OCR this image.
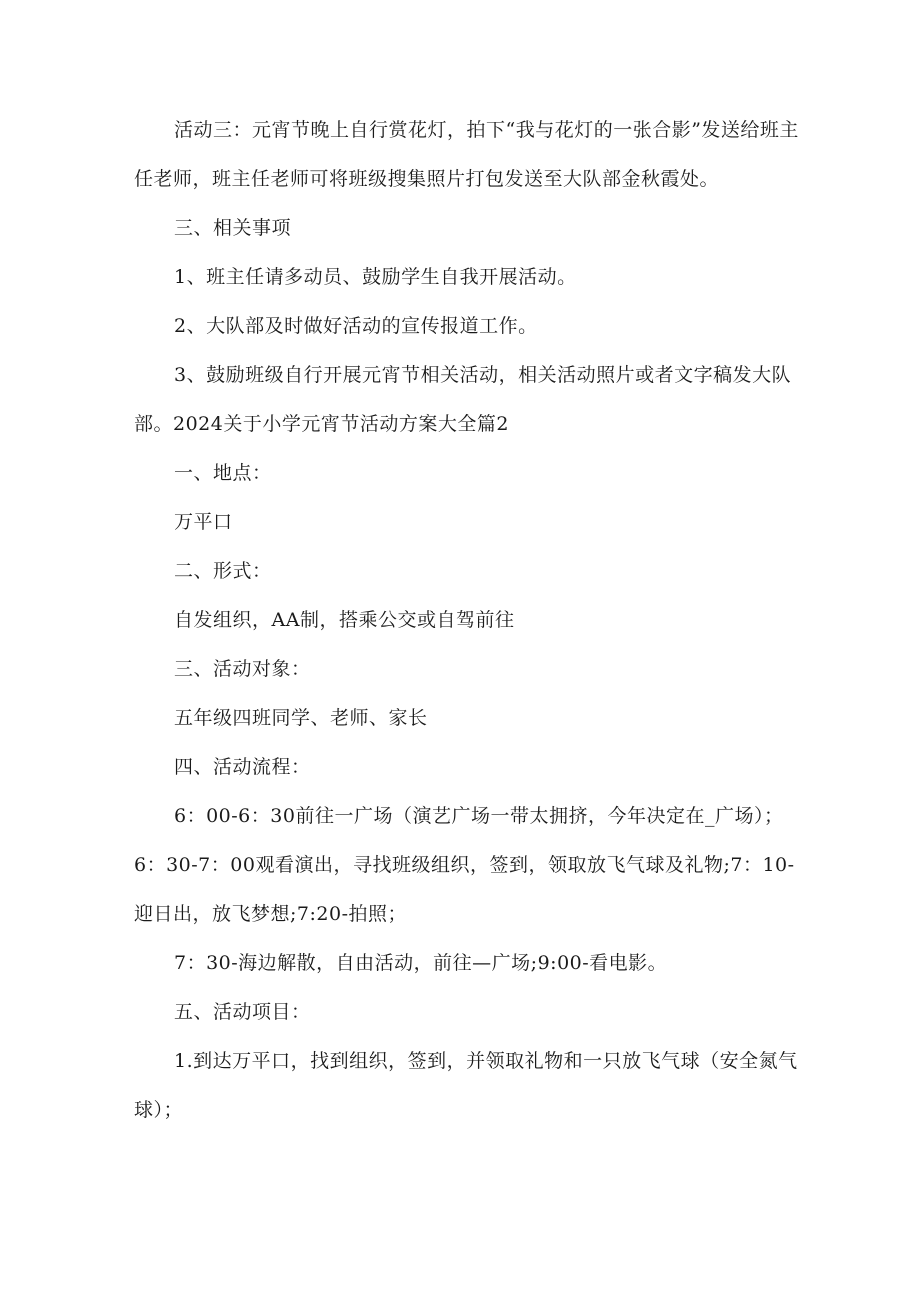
活动三：元宵节晚上自行赏花灯，拍下“我与花灯的一张合影”发送给班主任老师，班主任老师可将班级搜集照片打包发送至大队部金秋霞处。

三、相关事项

1、班主任请多动员、鼓励学生自我开展活动。

2、大队部及时做好活动的宣传报道工作。

3、鼓励班级自行开展元宵节相关活动，相关活动照片或者文字稿发大队部。2024关于小学元宵节活动方案大全篇2

一、地点：

万平口

二、形式：

自发组织，AA制，搭乘公交或自驾前往

三、活动对象：

五年级四班同学、老师、家长

四、活动流程：

6：00-6：30前往一广场（演艺广场一带太拥挤，今年决定在_广场）；6：30-7：00观看演出，寻找班级组织，签到，领取放飞气球及礼物;7：10-迎日出，放飞梦想;7:20-拍照；

7：30-海边解散，自由活动，前往—广场;9:00-看电影。

五、活动项目：

1.到达万平口，找到组织，签到，并领取礼物和一只放飞气球（安全氮气球）；
